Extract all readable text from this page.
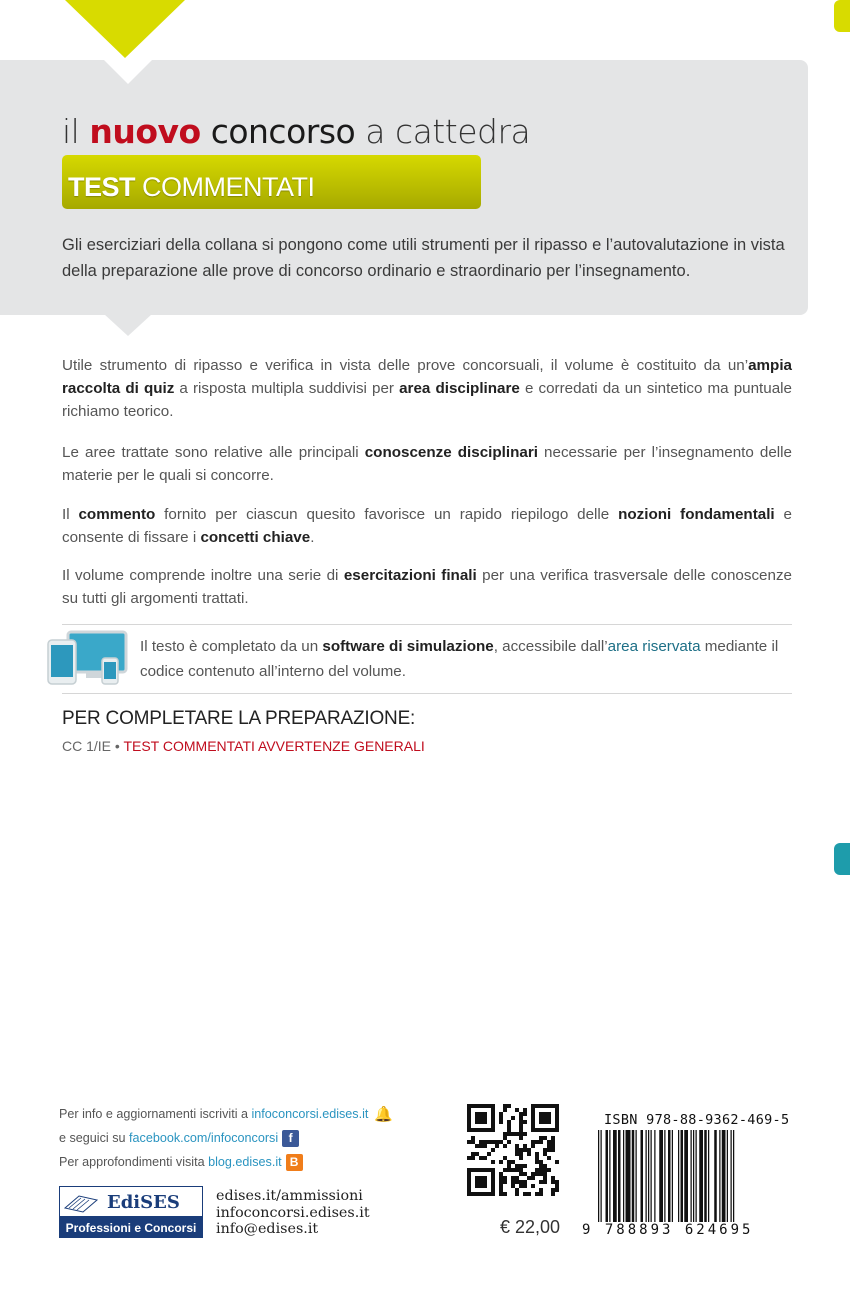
il nuovo concorso a cattedra
TEST COMMENTATI
Gli eserciziari della collana si pongono come utili strumenti per il ripasso e l’autovalutazione in vista della preparazione alle prove di concorso ordinario e straordinario per l’insegnamento.
Utile strumento di ripasso e verifica in vista delle prove concorsuali, il volume è costituito da un’ampia raccolta di quiz a risposta multipla suddivisi per area disciplinare e corredati da un sintetico ma puntuale richiamo teorico.
Le aree trattate sono relative alle principali conoscenze disciplinari necessarie per l’insegnamento delle materie per le quali si concorre.
Il commento fornito per ciascun quesito favorisce un rapido riepilogo delle nozioni fondamentali e consente di fissare i concetti chiave.
Il volume comprende inoltre una serie di esercitazioni finali per una verifica trasversale delle conoscenze su tutti gli argomenti trattati.
Il testo è completato da un software di simulazione, accessibile dall’area riservata mediante il codice contenuto all’interno del volume.
PER COMPLETARE LA PREPARAZIONE:
CC 1/IE • TEST COMMENTATI AVVERTENZE GENERALI
Per info e aggiornamenti iscriviti a infoconcorsi.edises.it 🔔
e seguici su facebook.com/infoconcorsi f
Per approfondimenti visita blog.edises.it B
EdiSES
Professioni e Concorsi
edises.it/ammissioni
infoconcorsi.edises.it
info@edises.it	€ 22,00
ISBN 978-88-9362-469-5
9 788893 624695
